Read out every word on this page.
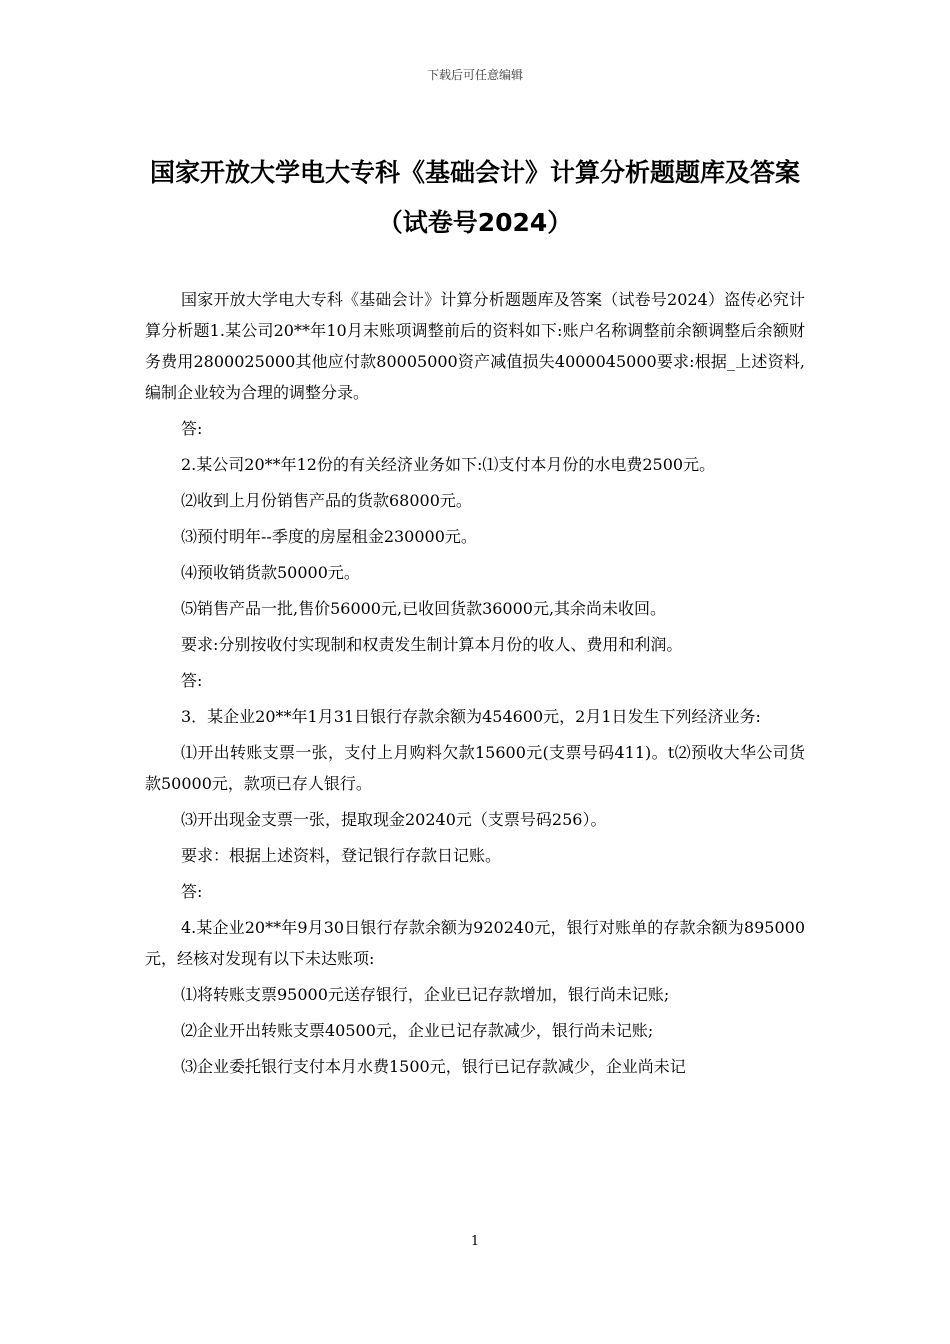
下载后可任意编辑
国家开放大学电大专科《基础会计》计算分析题题库及答案（试卷号2024）

国家开放大学电大专科《基础会计》计算分析题题库及答案（试卷号2024）盗传必究计算分析题1.某公司20**年10月末账项调整前后的资料如下:账户名称调整前余额调整后余额财务费用2800025000其他应付款80005000资产减值损失4000045000要求:根据_上述资料,编制企业较为合理的调整分录。

答:

2.某公司20**年12份的有关经济业务如下:⑴支付本月份的水电费2500元。

⑵收到上月份销售产品的货款68000元。

⑶预付明年--季度的房屋租金230000元。

⑷预收销货款50000元。

⑸销售产品一批,售价56000元,已收回货款36000元,其余尚未收回。

要求:分别按收付实现制和权责发生制计算本月份的收人、费用和利润。

答:

3．某企业20**年1月31日银行存款余额为454600元，2月1日发生下列经济业务:

⑴开出转账支票一张，支付上月购料欠款15600元(支票号码411)。t⑵预收大华公司货款50000元，款项已存人银行。

⑶开出现金支票一张，提取现金20240元（支票号码256）。

要求：根据上述资料，登记银行存款日记账。

答:

4.某企业20**年9月30日银行存款余额为920240元，银行对账单的存款余额为895000元，经核对发现有以下未达账项:

⑴将转账支票95000元送存银行，企业已记存款增加，银行尚未记账;

⑵企业开出转账支票40500元，企业已记存款减少，银行尚未记账;

⑶企业委托银行支付本月水费1500元，银行已记存款减少，企业尚未记

1
